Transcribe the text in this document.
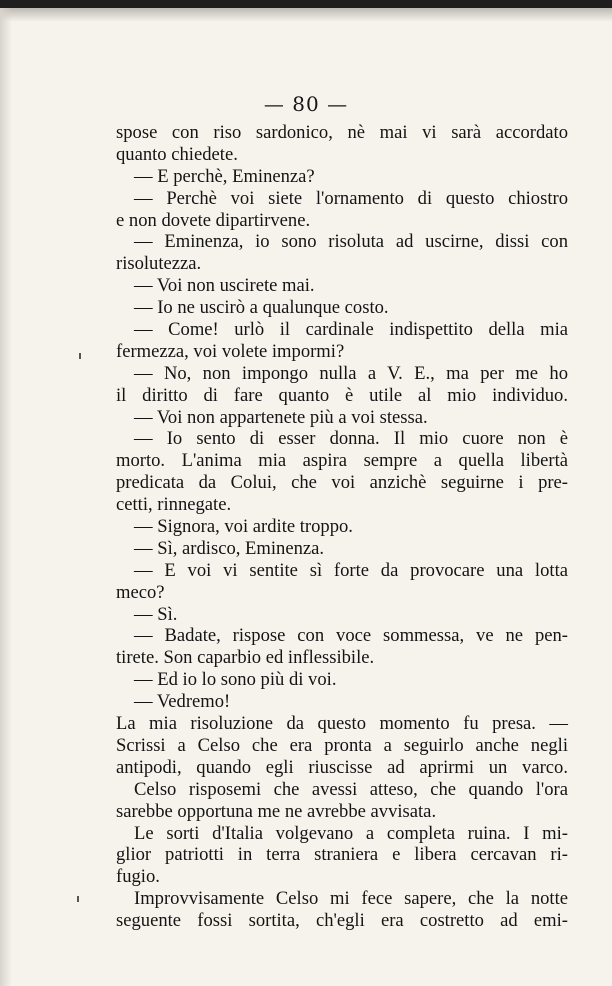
— 80 —
spose con riso sardonico, nè mai vi sarà accordato
quanto chiedete.
— E perchè, Eminenza?
— Perchè voi siete l'ornamento di questo chiostro
e non dovete dipartirvene.
— Eminenza, io sono risoluta ad uscirne, dissi con
risolutezza.
— Voi non uscirete mai.
— Io ne uscirò a qualunque costo.
— Come! urlò il cardinale indispettito della mia
fermezza, voi volete impormi?
— No, non impongo nulla a V. E., ma per me ho
il diritto di fare quanto è utile al mio individuo.
— Voi non appartenete più a voi stessa.
— Io sento di esser donna. Il mio cuore non è
morto. L'anima mia aspira sempre a quella libertà
predicata da Colui, che voi anzichè seguirne i pre-
cetti, rinnegate.
— Signora, voi ardite troppo.
— Sì, ardisco, Eminenza.
— E voi vi sentite sì forte da provocare una lotta
meco?
— Sì.
— Badate, rispose con voce sommessa, ve ne pen-
tirete. Son caparbio ed inflessibile.
— Ed io lo sono più di voi.
— Vedremo!
La mia risoluzione da questo momento fu presa. —
Scrissi a Celso che era pronta a seguirlo anche negli
antipodi, quando egli riuscisse ad aprirmi un varco.
Celso risposemi che avessi atteso, che quando l'ora
sarebbe opportuna me ne avrebbe avvisata.
Le sorti d'Italia volgevano a completa ruina. I mi-
glior patriotti in terra straniera e libera cercavan ri-
fugio.
Improvvisamente Celso mi fece sapere, che la notte
seguente fossi sortita, ch'egli era costretto ad emi-
